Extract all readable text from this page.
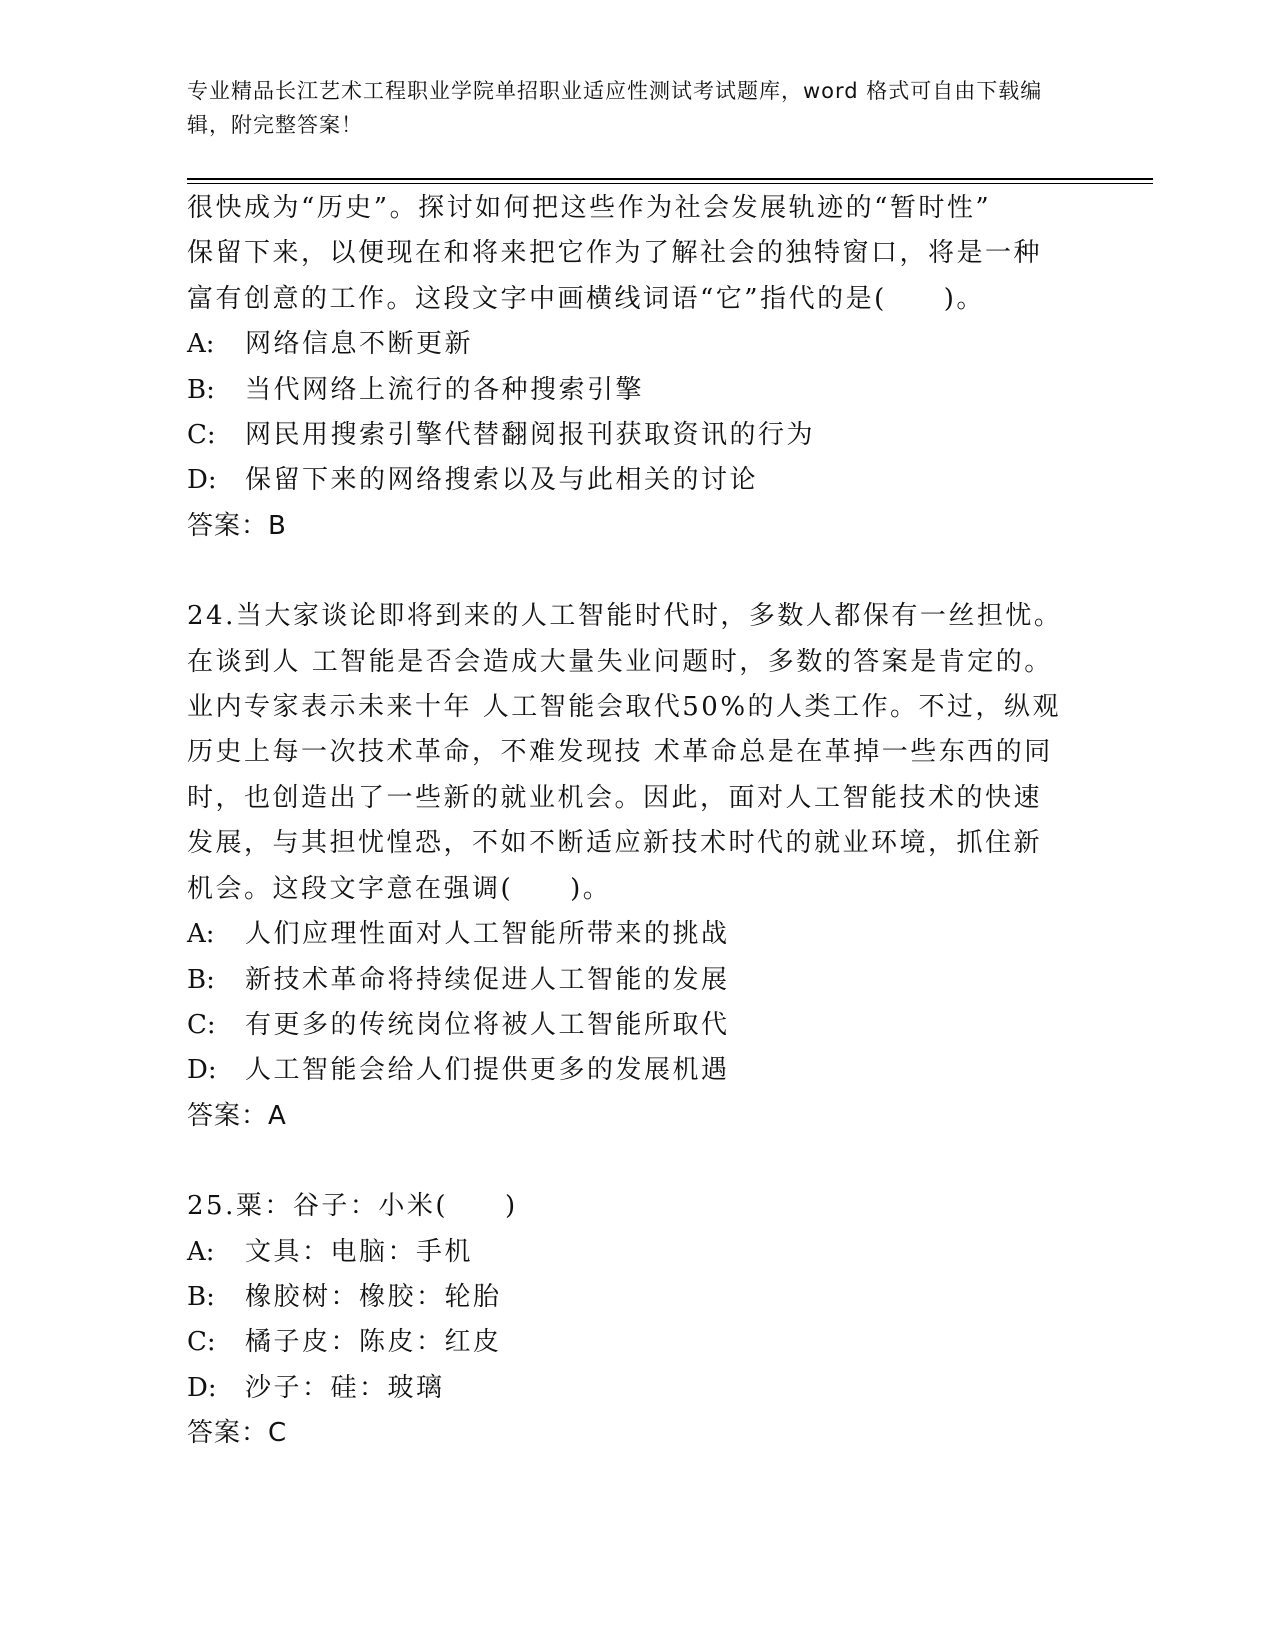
专业精品长江艺术工程职业学院单招职业适应性测试考试题库，word 格式可自由下载编辑，附完整答案！

很快成为“历史”。探讨如何把这些作为社会发展轨迹的“暂时性”
保留下来，以便现在和将来把它作为了解社会的独特窗口，将是一种
富有创意的工作。这段文字中画横线词语“它”指代的是(　　)。

A: 网络信息不断更新

B: 当代网络上流行的各种搜索引擎

C: 网民用搜索引擎代替翻阅报刊获取资讯的行为

D: 保留下来的网络搜索以及与此相关的讨论

答案：B

24.当大家谈论即将到来的人工智能时代时，多数人都保有一丝担忧。
在谈到人 工智能是否会造成大量失业问题时，多数的答案是肯定的。
业内专家表示未来十年 人工智能会取代50%的人类工作。不过，纵观
历史上每一次技术革命，不难发现技 术革命总是在革掉一些东西的同
时，也创造出了一些新的就业机会。因此，面对人工智能技术的快速
发展，与其担忧惶恐，不如不断适应新技术时代的就业环境，抓住新
机会。这段文字意在强调(　　)。

A: 人们应理性面对人工智能所带来的挑战

B: 新技术革命将持续促进人工智能的发展

C: 有更多的传统岗位将被人工智能所取代

D: 人工智能会给人们提供更多的发展机遇

答案：A

25.粟：谷子：小米(　　)

A: 文具：电脑：手机

B: 橡胶树：橡胶：轮胎

C: 橘子皮：陈皮：红皮

D: 沙子：硅：玻璃

答案：C
